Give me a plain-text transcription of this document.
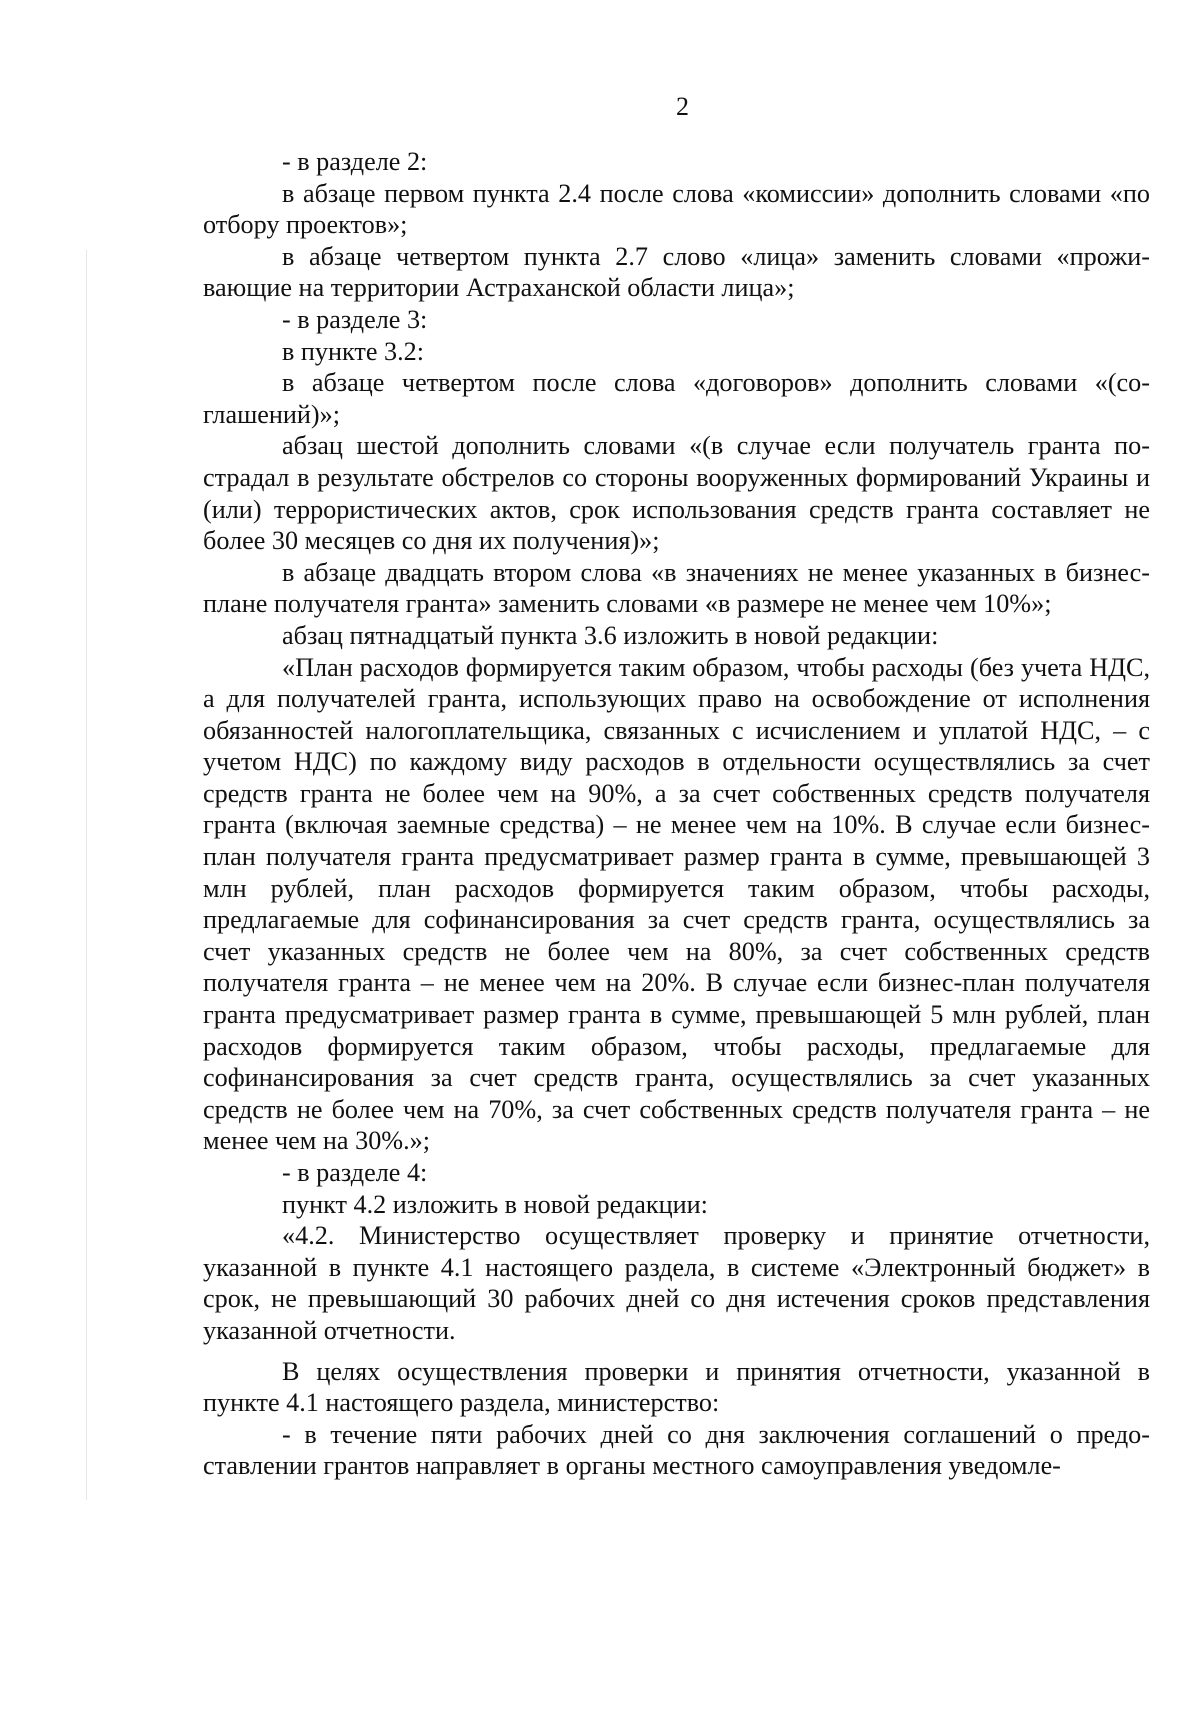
2

- в разделе 2:

в абзаце первом пункта 2.4 после слова «комиссии» дополнить словами «по отбору проектов»;

в абзаце четвертом пункта 2.7 слово «лица» заменить словами «проживающие на территории Астраханской области лица»;

- в разделе 3:

в пункте 3.2:

в абзаце четвертом после слова «договоров» дополнить словами «(соглашений)»;

абзац шестой дополнить словами «(в случае если получатель гранта пострадал в результате обстрелов со стороны вооруженных формирований Украины и (или) террористических актов, срок использования средств гранта составляет не более 30 месяцев со дня их получения)»;

в абзаце двадцать втором слова «в значениях не менее указанных в бизнес-плане получателя гранта» заменить словами «в размере не менее чем 10%»;

абзац пятнадцатый пункта 3.6 изложить в новой редакции:

«План расходов формируется таким образом, чтобы расходы (без учета НДС, а для получателей гранта, использующих право на освобождение от исполнения обязанностей налогоплательщика, связанных с исчислением и уплатой НДС, – с учетом НДС) по каждому виду расходов в отдельности осуществлялись за счет средств гранта не более чем на 90%, а за счет собственных средств получателя гранта (включая заемные средства) – не менее чем на 10%. В случае если бизнес-план получателя гранта предусматривает размер гранта в сумме, превышающей 3 млн рублей, план расходов формируется таким образом, чтобы расходы, предлагаемые для софинансирования за счет средств гранта, осуществлялись за счет указанных средств не более чем на 80%, за счет собственных средств получателя гранта – не менее чем на 20%. В случае если бизнес-план получателя гранта предусматривает размер гранта в сумме, превышающей 5 млн рублей, план расходов формируется таким образом, чтобы расходы, предлагаемые для софинансирования за счет средств гранта, осуществлялись за счет указанных средств не более чем на 70%, за счет собственных средств получателя гранта – не менее чем на 30%.»;

- в разделе 4:

пункт 4.2 изложить в новой редакции:

«4.2. Министерство осуществляет проверку и принятие отчетности, указанной в пункте 4.1 настоящего раздела, в системе «Электронный бюджет» в срок, не превышающий 30 рабочих дней со дня истечения сроков представления указанной отчетности.

В целях осуществления проверки и принятия отчетности, указанной в пункте 4.1 настоящего раздела, министерство:

- в течение пяти рабочих дней со дня заключения соглашений о предоставлении грантов направляет в органы местного самоуправления уведомле-
